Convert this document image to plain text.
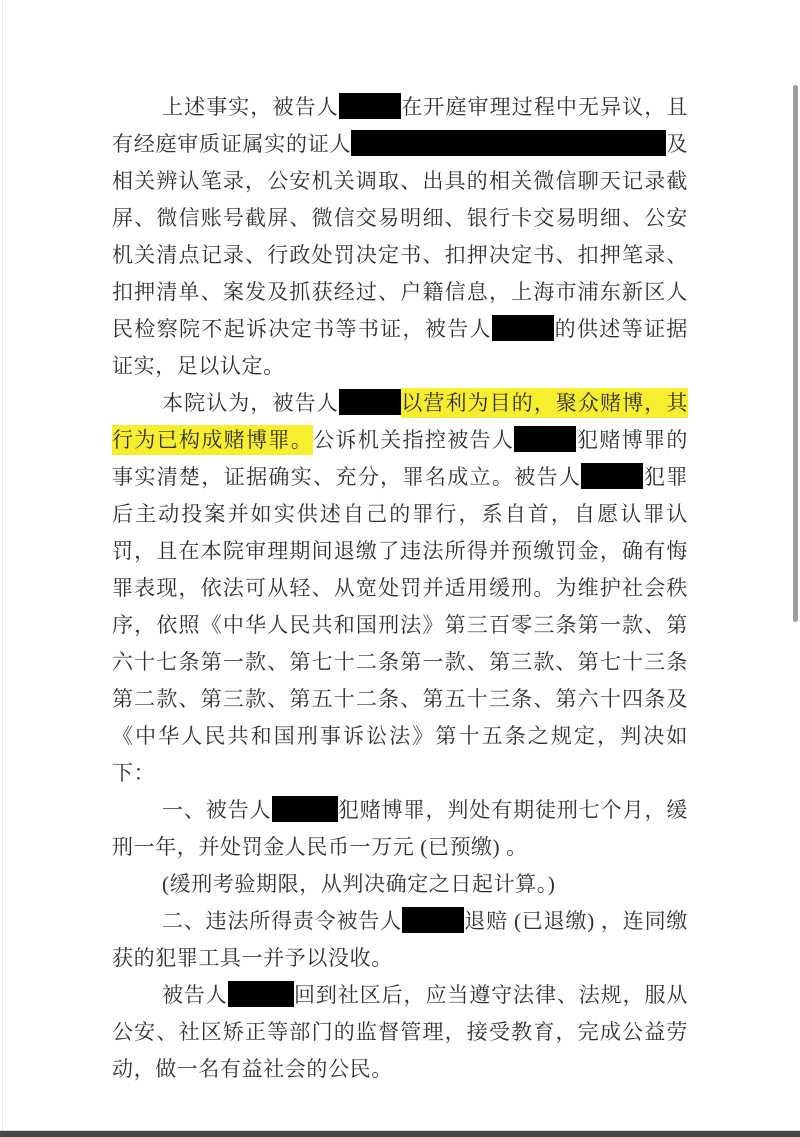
上述事实，被告人	在开庭审理过程中无异议，且有经庭审质证属实的证人	及相关辨认笔录，公安机关调取、出具的相关微信聊天记录截屏、微信账号截屏、微信交易明细、银行卡交易明细、公安机关清点记录、行政处罚决定书、扣押决定书、扣押笔录、扣押清单、案发及抓获经过、户籍信息，上海市浦东新区人民检察院不起诉决定书等书证，被告人	的供述等证据证实，足以认定。

本院认为，被告人	以营利为目的，聚众赌博，其行为已构成赌博罪。公诉机关指控被告人	犯赌博罪的事实清楚，证据确实、充分，罪名成立。被告人	犯罪后主动投案并如实供述自己的罪行，系自首，自愿认罪认罚，且在本院审理期间退缴了违法所得并预缴罚金，确有悔罪表现，依法可从轻、从宽处罚并适用缓刑。为维护社会秩序，依照《中华人民共和国刑法》第三百零三条第一款、第六十七条第一款、第七十二条第一款、第三款、第七十三条第二款、第三款、第五十二条、第五十三条、第六十四条及《中华人民共和国刑事诉讼法》第十五条之规定，判决如下：

一、被告人	犯赌博罪，判处有期徒刑七个月，缓刑一年，并处罚金人民币一万元 (已预缴) 。

(缓刑考验期限，从判决确定之日起计算。)

二、违法所得责令被告人	退赔 (已退缴) ，连同缴获的犯罪工具一并予以没收。

被告人	回到社区后，应当遵守法律、法规，服从公安、社区矫正等部门的监督管理，接受教育，完成公益劳动，做一名有益社会的公民。
